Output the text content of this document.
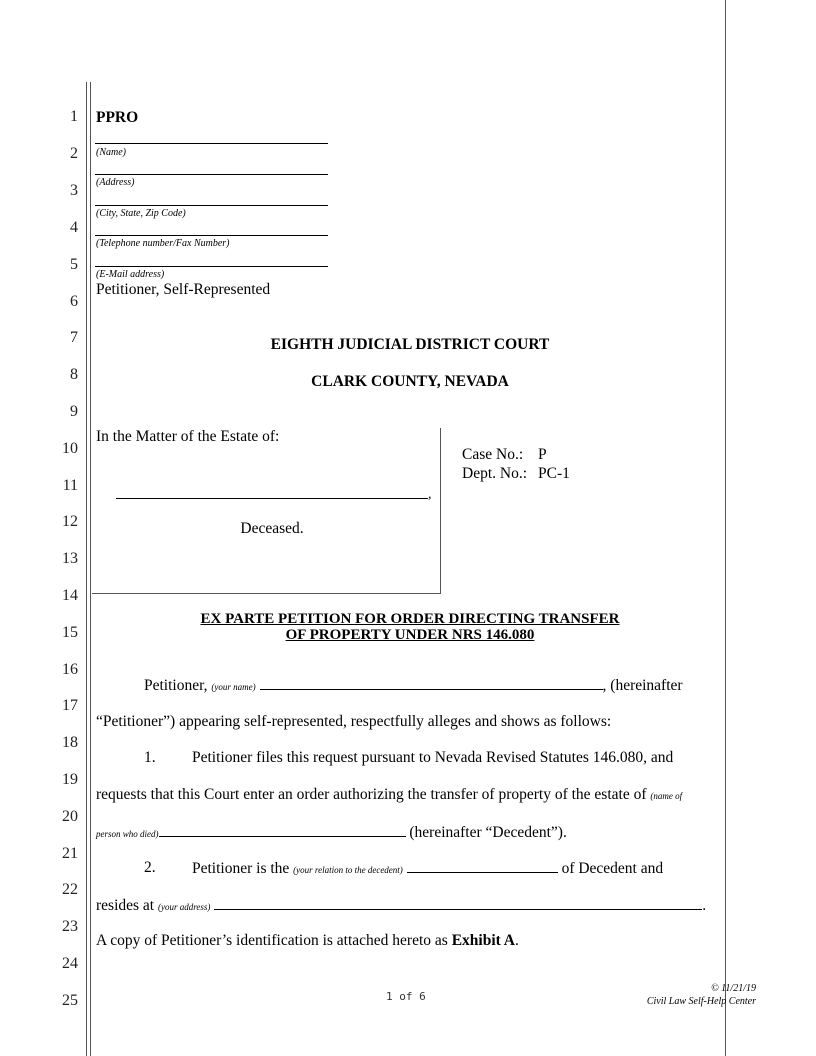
1
2
3
4
5
6
7
8
9
10
11
12
13
14
15
16
17
18
19
20
21
22
23
24
25
PPRO
(Name)
(Address)
(City, State, Zip Code)
(Telephone number/Fax Number)
(E-Mail address)
Petitioner, Self-Represented
EIGHTH JUDICIAL DISTRICT COURT
CLARK COUNTY, NEVADA
In the Matter of the Estate of:
,
Deceased.
Case No.: P
Dept. No.: PC-1
EX PARTE PETITION FOR ORDER DIRECTING TRANSFER
OF PROPERTY UNDER NRS 146.080
Petitioner, (your name)	, (hereinafter
“Petitioner”) appearing self-represented, respectfully alleges and shows as follows:
1. Petitioner files this request pursuant to Nevada Revised Statutes 146.080, and
requests that this Court enter an order authorizing the transfer of property of the estate of (name of
person who died)	(hereinafter “Decedent”).
2. Petitioner is the (your relation to the decedent)	of Decedent and
resides at (your address)	.
A copy of Petitioner’s identification is attached hereto as Exhibit A.
1 of 6
© 11/21/19
Civil Law Self-Help Center
